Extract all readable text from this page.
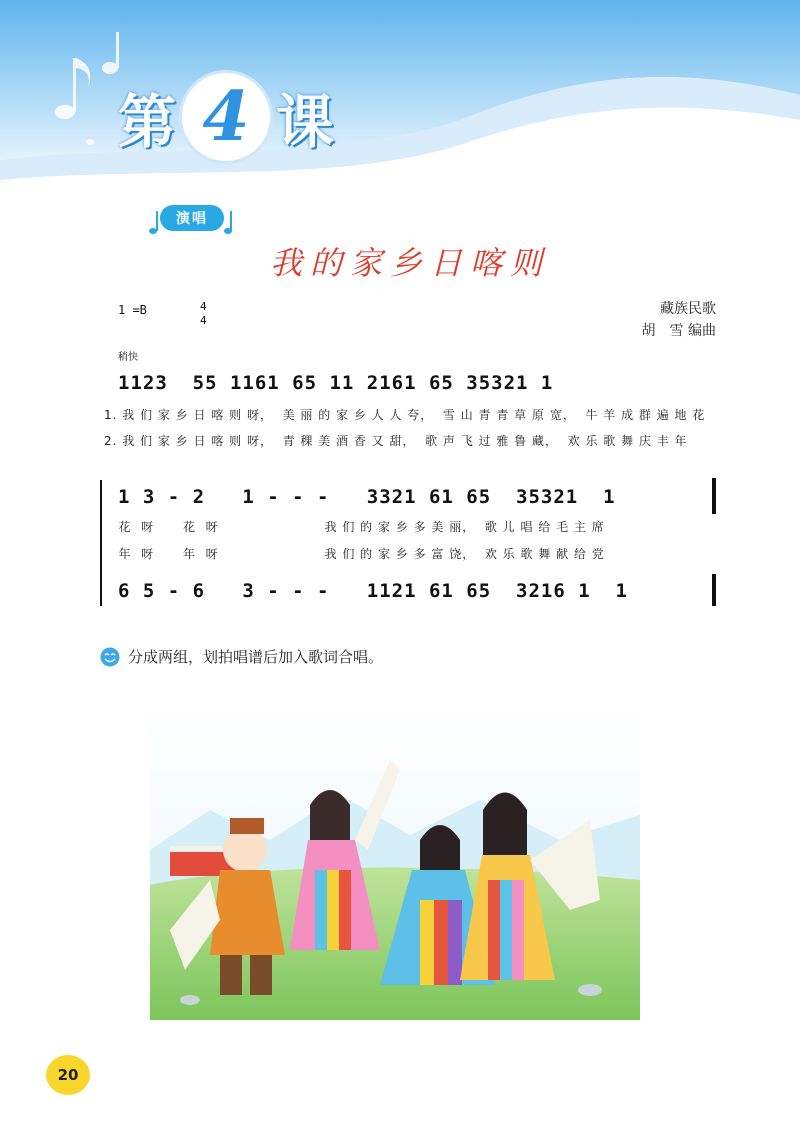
第 4 课
演唱
我的家乡日喀则
藏族民歌
胡　雪 编曲
1 =B	4
4
稍快
1123  55 1161 65 11 2161 65 35321 1
1. 我 们 家 乡 日 喀 则 呀，  美 丽 的 家 乡 人 人 夸，  雪 山 青 青 草 原 宽，  牛 羊 成 群 遍 地 花
2. 我 们 家 乡 日 喀 则 呀，  青 稞 美 酒 香 又 甜，  歌 声 飞 过 雅 鲁 藏，  欢 乐 歌 舞 庆 丰 年
1 3 - 2   1 - - -   3321 61 65  35321  1
花  呀      花  呀                      我 们 的 家 乡 多 美 丽，  歌 儿 唱 给 毛 主 席
年  呀      年  呀                      我 们 的 家 乡 多 富 饶，  欢 乐 歌 舞 献 给 党
6 5 - 6   3 - - -   1121 61 65  3216 1  1
分成两组，划拍唱谱后加入歌词合唱。
20
